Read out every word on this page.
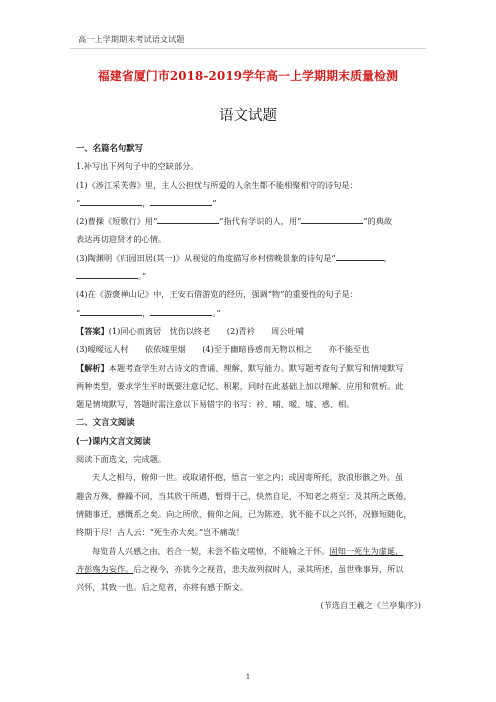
高一上学期期末考试语文试题
福建省厦门市2018-2019学年高一上学期期末质量检测
语文试题
一、名篇名句默写
1.补写出下列句子中的空缺部分。
(1)《涉江采芙蓉》里，主人公担忧与所爱的人余生都不能相聚相守的诗句是：
“	，	”
(2)曹操《短歌行》用“	”指代有学识的人，用“	”的典故
表达再切迎贤才的心情。
(3)陶渊明《归园田居(其一)》从视觉的角度描写乡村傍晚景象的诗句是“	，
。”
(4)在《游褒禅山记》中，王安石借游览的经历，强调“物”的重要性的句子是：
“	，	。”
【答案】(1)同心而离居　忧伤以终老　　(2)青衿　　周公吐哺
(3)暧暧远人村　　依依墟里烟　　(4)至于幽暗昏惑而无物以相之　　亦不能至也
【解析】本题考查学生对古诗文的背诵、理解、默写能力。默写题考查句子默写和情境默写
两种类型，要求学生平时既要注意记忆、积累，同时在此基础上加以理解、应用和赏析。此
题是情境默写，答题时需注意以下易错字的书写：衿、哺、暧、墟、惑、相。
二、文言文阅读
(一)课内文言文阅读
阅读下面选文，完成题。
夫人之相与，俯仰一世。或取诸怀抱，悟言一室之内；或因寄所托，放浪形骸之外。虽
趣舍万殊，静躁不同，当其欣于所遇，暂得于己，快然自足，不知老之将至；及其所之既倦，
情随事迁，感慨系之矣。向之所欣，俯仰之间，已为陈迹，犹不能不以之兴怀，况修短随化，
终期于尽！古人云：“死生亦大矣。”岂不痛哉！
每览昔人兴感之由，若合一契，未尝不临文嗟悼，不能喻之于怀。固知一死生为虚诞，
齐彭殇为妄作。后之视今，亦犹今之视昔，悲夫故列叙时人，录其所述，虽世殊事异，所以
兴怀，其致一也。后之览者，亦将有感于斯文。
(节选自王羲之《兰亭集序》)
1
